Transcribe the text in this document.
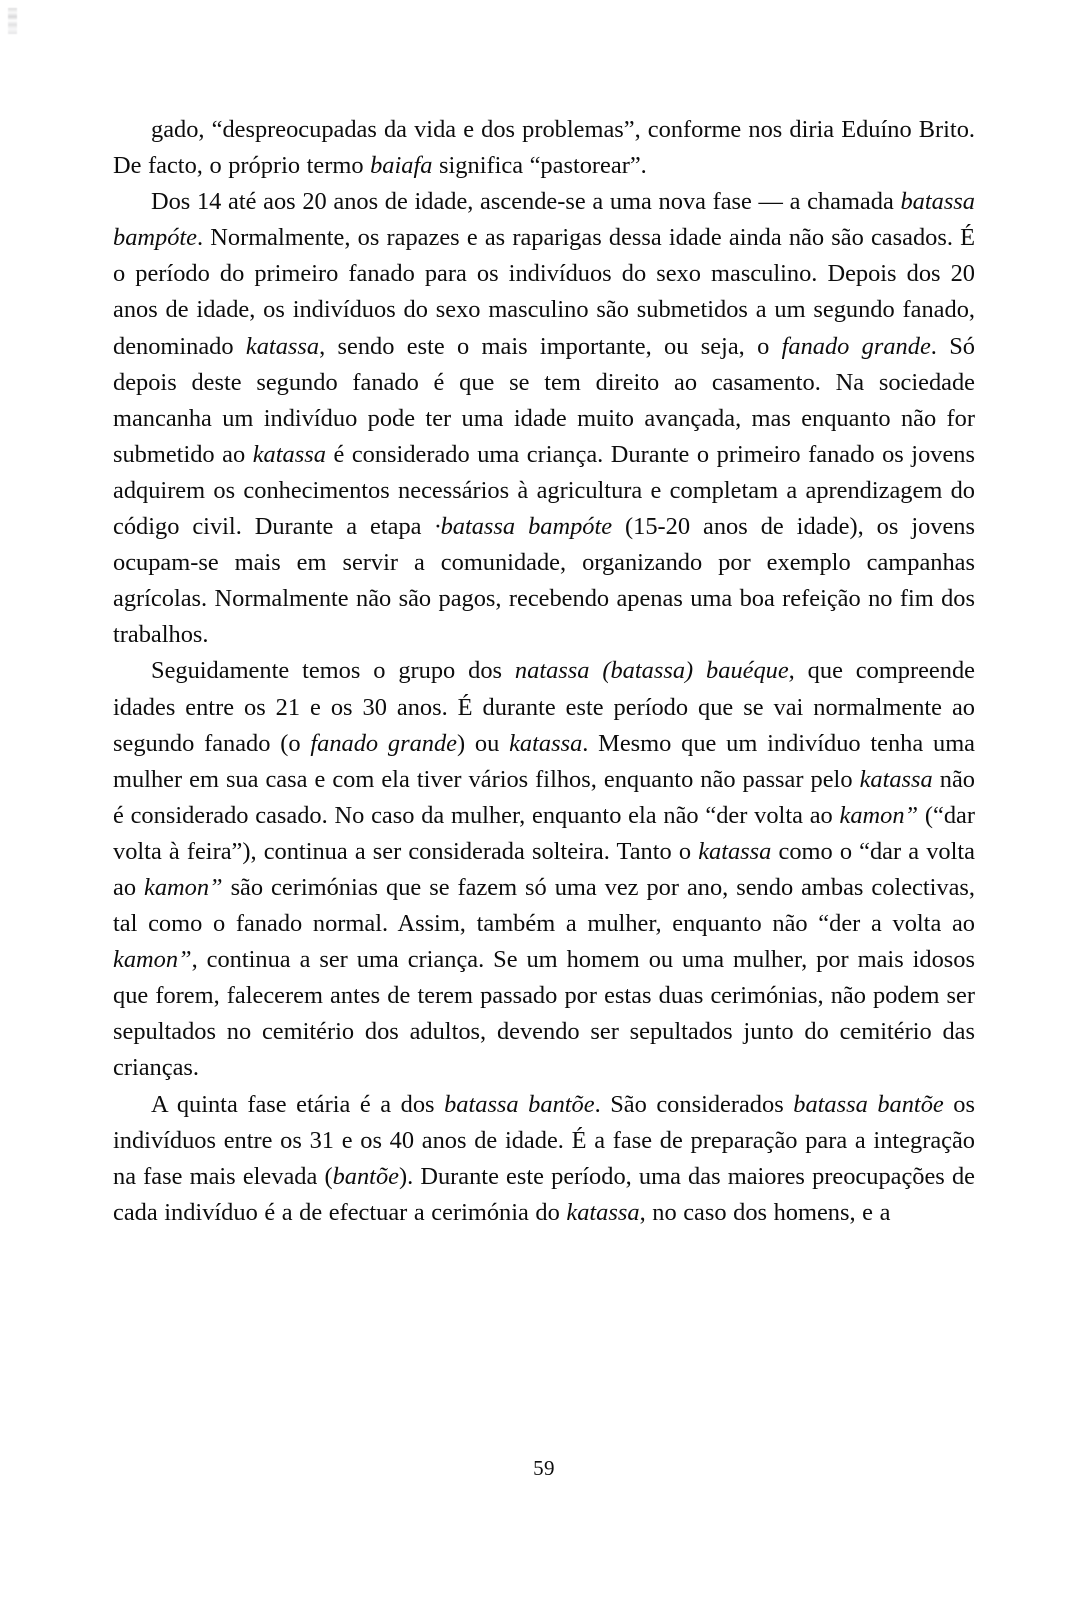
gado, “despreocupadas da vida e dos problemas”, conforme nos diria Eduíno Brito. De facto, o próprio termo baiafa significa “pastorear”.

Dos 14 até aos 20 anos de idade, ascende-se a uma nova fase — a chamada batassa bampóte. Normalmente, os rapazes e as raparigas dessa idade ainda não são casados. É o período do primeiro fanado para os indivíduos do sexo masculino. Depois dos 20 anos de idade, os indivíduos do sexo masculino são submetidos a um segundo fanado, denominado katassa, sendo este o mais importante, ou seja, o fanado grande. Só depois deste segundo fanado é que se tem direito ao casamento. Na sociedade mancanha um indivíduo pode ter uma idade muito avançada, mas enquanto não for submetido ao katassa é considerado uma criança. Durante o primeiro fanado os jovens adquirem os conhecimentos necessários à agricultura e completam a aprendizagem do código civil. Durante a etapa ·batassa bampóte (15-20 anos de idade), os jovens ocupam-se mais em servir a comunidade, organizando por exemplo campanhas agrícolas. Normalmente não são pagos, recebendo apenas uma boa refeição no fim dos trabalhos.

Seguidamente temos o grupo dos natassa (batassa) bauéque, que compreende idades entre os 21 e os 30 anos. É durante este período que se vai normalmente ao segundo fanado (o fanado grande) ou katassa. Mesmo que um indivíduo tenha uma mulher em sua casa e com ela tiver vários filhos, enquanto não passar pelo katassa não é considerado casado. No caso da mulher, enquanto ela não “der volta ao kamon” (“dar volta à feira”), continua a ser considerada solteira. Tanto o katassa como o “dar a volta ao kamon” são cerimónias que se fazem só uma vez por ano, sendo ambas colectivas, tal como o fanado normal. Assim, também a mulher, enquanto não “der a volta ao kamon”, continua a ser uma criança. Se um homem ou uma mulher, por mais idosos que forem, falecerem antes de terem passado por estas duas cerimónias, não podem ser sepultados no cemitério dos adultos, devendo ser sepultados junto do cemitério das crianças.

A quinta fase etária é a dos batassa bantõe. São considerados batassa bantõe os indivíduos entre os 31 e os 40 anos de idade. É a fase de preparação para a integração na fase mais elevada (bantõe). Durante este período, uma das maiores preocupações de cada indivíduo é a de efectuar a cerimónia do katassa, no caso dos homens, e a

59
